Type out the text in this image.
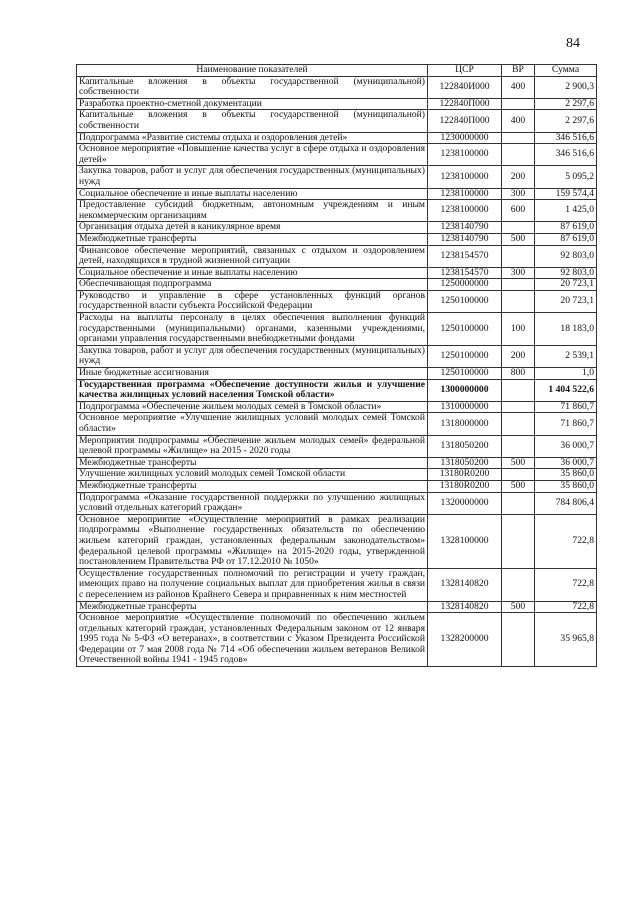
84
Наименование показателей	ЦСР	ВР	Сумма
Капитальные вложения в объекты государственной (муниципальной) собственности	122840И000	400	2 900,3
Разработка проектно-сметной документации	122840П000		2 297,6
Капитальные вложения в объекты государственной (муниципальной) собственности	122840П000	400	2 297,6
Подпрограмма «Развитие системы отдыха и оздоровления детей»	1230000000		346 516,6
Основное мероприятие «Повышение качества услуг в сфере отдыха и оздоровления детей»	1238100000		346 516,6
Закупка товаров, работ и услуг для обеспечения государственных (муниципальных) нужд	1238100000	200	5 095,2
Социальное обеспечение и иные выплаты населению	1238100000	300	159 574,4
Предоставление субсидий бюджетным, автономным учреждениям и иным некоммерческим организациям	1238100000	600	1 425,0
Организация отдыха детей в каникулярное время	1238140790		87 619,0
Межбюджетные трансферты	1238140790	500	87 619,0
Финансовое обеспечение мероприятий, связанных с отдыхом и оздоровлением детей, находящихся в трудной жизненной ситуации	1238154570		92 803,0
Социальное обеспечение и иные выплаты населению	1238154570	300	92 803,0
Обеспечивающая подпрограмма	1250000000		20 723,1
Руководство и управление в сфере установленных функций органов государственной власти субъекта Российской Федерации	1250100000		20 723,1
Расходы на выплаты персоналу в целях обеспечения выполнения функций государственными (муниципальными) органами, казенными учреждениями, органами управления государственными внебюджетными фондами	1250100000	100	18 183,0
Закупка товаров, работ и услуг для обеспечения государственных (муниципальных) нужд	1250100000	200	2 539,1
Иные бюджетные ассигнования	1250100000	800	1,0
Государственная программа «Обеспечение доступности жилья и улучшение качества жилищных условий населения Томской области»	1300000000		1 404 522,6
Подпрограмма «Обеспечение жильем молодых семей в Томской области»	1310000000		71 860,7
Основное мероприятие «Улучшение жилищных условий молодых семей Томской области»	1318000000		71 860,7
Мероприятия подпрограммы «Обеспечение жильем молодых семей» федеральной целевой программы «Жилище» на 2015 - 2020 годы	1318050200		36 000,7
Межбюджетные трансферты	1318050200	500	36 000,7
Улучшение жилищных условий молодых семей Томской области	13180R0200		35 860,0
Межбюджетные трансферты	13180R0200	500	35 860,0
Подпрограмма «Оказание государственной поддержки по улучшению жилищных условий отдельных категорий граждан»	1320000000		784 806,4
Основное мероприятие «Осуществление мероприятий в рамках реализации подпрограммы «Выполнение государственных обязательств по обеспечению жильем категорий граждан, установленных федеральным законодательством» федеральной целевой программы «Жилище» на 2015-2020 годы, утвержденной постановлением Правительства РФ от 17.12.2010 № 1050»	1328100000		722,8
Осуществление государственных полномочий по регистрации и учету граждан, имеющих право на получение социальных выплат для приобретения жилья в связи с переселением из районов Крайнего Севера и приравненных к ним местностей	1328140820		722,8
Межбюджетные трансферты	1328140820	500	722,8
Основное мероприятие «Осуществление полномочий по обеспечению жильем отдельных категорий граждан, установленных Федеральным законом от 12 января 1995 года № 5-ФЗ «О ветеранах», в соответствии с Указом Президента Российской Федерации от 7 мая 2008 года № 714 «Об обеспечении жильем ветеранов Великой Отечественной войны 1941 - 1945 годов»	1328200000		35 965,8
